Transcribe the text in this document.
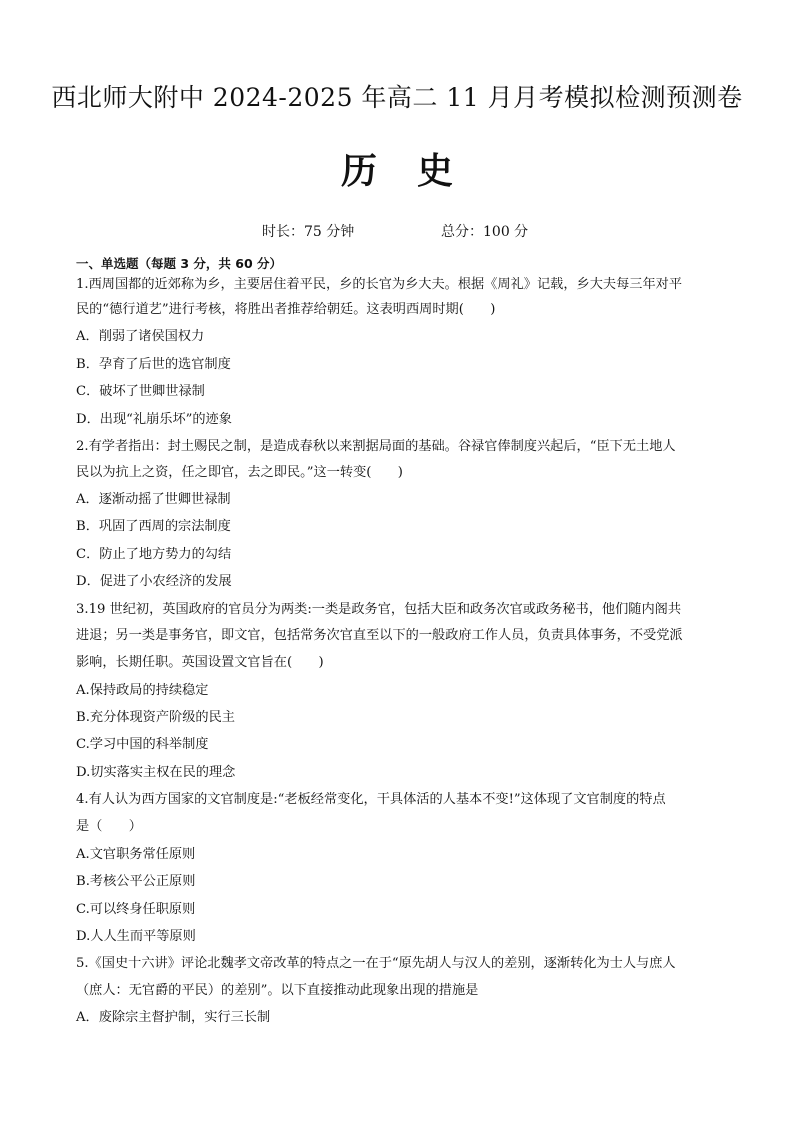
西北师大附中 2024-2025 年高二 11 月月考模拟检测预测卷
历 史
时长：75 分钟	总分：100 分
一、单选题（每题 3 分，共 60 分）
1.西周国都的近郊称为乡，主要居住着平民，乡的长官为乡大夫。根据《周礼》记载，乡大夫每三年对平
民的“德行道艺”进行考核，将胜出者推荐给朝廷。这表明西周时期(　　)
A．削弱了诸侯国权力
B．孕育了后世的选官制度
C．破坏了世卿世禄制
D．出现“礼崩乐坏”的迹象
2.有学者指出：封土赐民之制，是造成春秋以来割据局面的基础。谷禄官俸制度兴起后，“臣下无土地人
民以为抗上之资，任之即官，去之即民。”这一转变(　　)
A．逐渐动摇了世卿世禄制
B．巩固了西周的宗法制度
C．防止了地方势力的勾结
D．促进了小农经济的发展
3.19 世纪初，英国政府的官员分为两类:一类是政务官，包括大臣和政务次官或政务秘书，他们随内阁共
进退；另一类是事务官，即文官，包括常务次官直至以下的一般政府工作人员，负责具体事务，不受党派
影响，长期任职。英国设置文官旨在(　　)
A.保持政局的持续稳定
B.充分体现资产阶级的民主
C.学习中国的科举制度
D.切实落实主权在民的理念
4.有人认为西方国家的文官制度是:“老板经常变化，干具体活的人基本不变!”这体现了文官制度的特点
是（　　）
A.文官职务常任原则
B.考核公平公正原则
C.可以终身任职原则
D.人人生而平等原则
5.《国史十六讲》评论北魏孝文帝改革的特点之一在于“原先胡人与汉人的差别，逐渐转化为士人与庶人
（庶人：无官爵的平民）的差别”。以下直接推动此现象出现的措施是
A．废除宗主督护制，实行三长制
